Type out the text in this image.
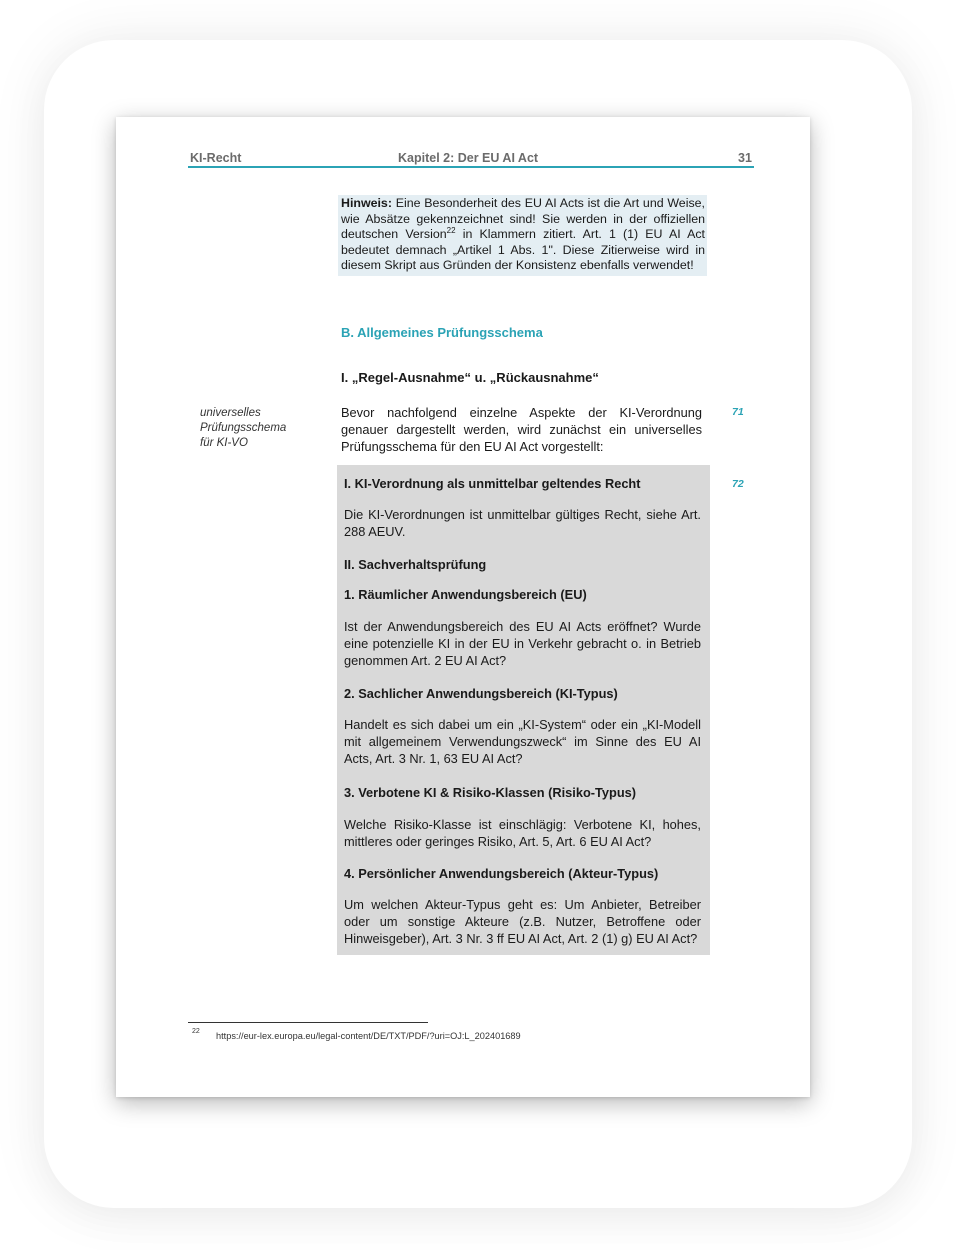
KI-Recht	Kapitel 2: Der EU AI Act	31
Hinweis: Eine Besonderheit des EU AI Acts ist die Art und Weise, wie Absätze gekennzeichnet sind! Sie werden in der offiziellen deutschen Version$^{22}$ in Klammern zitiert. Art. 1 (1) EU AI Act bedeutet demnach „Artikel 1 Abs. 1". Diese Zitierweise wird in diesem Skript aus Gründen der Konsistenz ebenfalls verwendet!
B. Allgemeines Prüfungsschema
I. „Regel-Ausnahme“ u. „Rückausnahme“
universelles
Prüfungsschema
für KI-VO
Bevor nachfolgend einzelne Aspekte der KI-Verordnung genauer dargestellt werden, wird zunächst ein universelles Prüfungsschema für den EU AI Act vorgestellt:
71
72
I. KI-Verordnung als unmittelbar geltendes Recht
Die KI-Verordnungen ist unmittelbar gültiges Recht, siehe Art. 288 AEUV.
II. Sachverhaltsprüfung
1. Räumlicher Anwendungsbereich (EU)
Ist der Anwendungsbereich des EU AI Acts eröffnet? Wurde eine potenzielle KI in der EU in Verkehr gebracht o. in Betrieb genommen Art. 2 EU AI Act?
2. Sachlicher Anwendungsbereich (KI-Typus)
Handelt es sich dabei um ein „KI-System“ oder ein „KI-Modell mit allgemeinem Verwendungszweck“ im Sinne des EU AI Acts, Art. 3 Nr. 1, 63 EU AI Act?
3. Verbotene KI & Risiko-Klassen (Risiko-Typus)
Welche Risiko-Klasse ist einschlägig: Verbotene KI, hohes, mittleres oder geringes Risiko, Art. 5, Art. 6 EU AI Act?
4. Persönlicher Anwendungsbereich (Akteur-Typus)
Um welchen Akteur-Typus geht es: Um Anbieter, Betreiber oder um sonstige Akteure (z.B. Nutzer, Betroffene oder Hinweisgeber), Art. 3 Nr. 3 ff EU AI Act, Art. 2 (1) g) EU AI Act?
22 https://eur-lex.europa.eu/legal-content/DE/TXT/PDF/?uri=OJ:L_202401689
